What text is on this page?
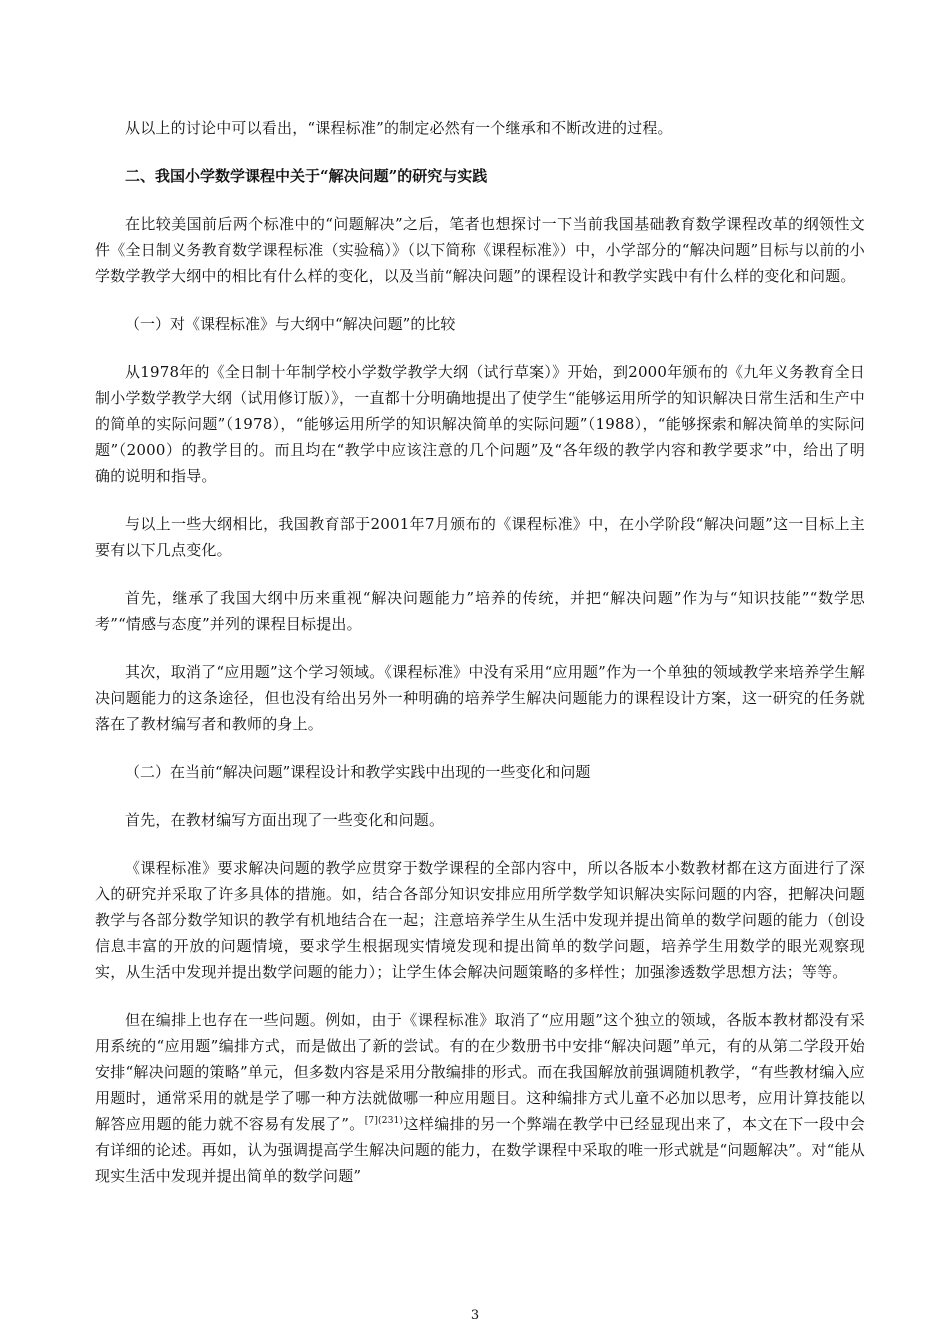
从以上的讨论中可以看出，“课程标准”的制定必然有一个继承和不断改进的过程。

二、我国小学数学课程中关于“解决问题”的研究与实践

在比较美国前后两个标准中的“问题解决”之后，笔者也想探讨一下当前我国基础教育数学课程改革的纲领性文件《全日制义务教育数学课程标准（实验稿）》（以下简称《课程标准》）中，小学部分的“解决问题”目标与以前的小学数学教学大纲中的相比有什么样的变化，以及当前“解决问题”的课程设计和教学实践中有什么样的变化和问题。

（一）对《课程标准》与大纲中“解决问题”的比较

从1978年的《全日制十年制学校小学数学教学大纲（试行草案）》开始，到2000年颁布的《九年义务教育全日制小学数学教学大纲（试用修订版）》，一直都十分明确地提出了使学生“能够运用所学的知识解决日常生活和生产中的简单的实际问题”（1978），“能够运用所学的知识解决简单的实际问题”（1988），“能够探索和解决简单的实际问题”（2000）的教学目的。而且均在“教学中应该注意的几个问题”及“各年级的教学内容和教学要求”中，给出了明确的说明和指导。

与以上一些大纲相比，我国教育部于2001年7月颁布的《课程标准》中，在小学阶段“解决问题”这一目标上主要有以下几点变化。

首先，继承了我国大纲中历来重视“解决问题能力”培养的传统，并把“解决问题”作为与“知识技能”“数学思考”“情感与态度”并列的课程目标提出。

其次，取消了“应用题”这个学习领域。《课程标准》中没有采用“应用题”作为一个单独的领域教学来培养学生解决问题能力的这条途径，但也没有给出另外一种明确的培养学生解决问题能力的课程设计方案，这一研究的任务就落在了教材编写者和教师的身上。

（二）在当前“解决问题”课程设计和教学实践中出现的一些变化和问题

首先，在教材编写方面出现了一些变化和问题。

《课程标准》要求解决问题的教学应贯穿于数学课程的全部内容中，所以各版本小数教材都在这方面进行了深入的研究并采取了许多具体的措施。如，结合各部分知识安排应用所学数学知识解决实际问题的内容，把解决问题教学与各部分数学知识的教学有机地结合在一起；注意培养学生从生活中发现并提出简单的数学问题的能力（创设信息丰富的开放的问题情境，要求学生根据现实情境发现和提出简单的数学问题，培养学生用数学的眼光观察现实，从生活中发现并提出数学问题的能力）；让学生体会解决问题策略的多样性；加强渗透数学思想方法；等等。

但在编排上也存在一些问题。例如，由于《课程标准》取消了“应用题”这个独立的领域，各版本教材都没有采用系统的“应用题”编排方式，而是做出了新的尝试。有的在少数册书中安排“解决问题”单元，有的从第二学段开始安排“解决问题的策略”单元，但多数内容是采用分散编排的形式。而在我国解放前强调随机教学，“有些教材编入应用题时，通常采用的就是学了哪一种方法就做哪一种应用题目。这种编排方式儿童不必加以思考，应用计算技能以解答应用题的能力就不容易有发展了”。$^{[7](231)}$这样编排的另一个弊端在教学中已经显现出来了，本文在下一段中会有详细的论述。再如，认为强调提高学生解决问题的能力，在数学课程中采取的唯一形式就是“问题解决”。对“能从现实生活中发现并提出简单的数学问题”

3
